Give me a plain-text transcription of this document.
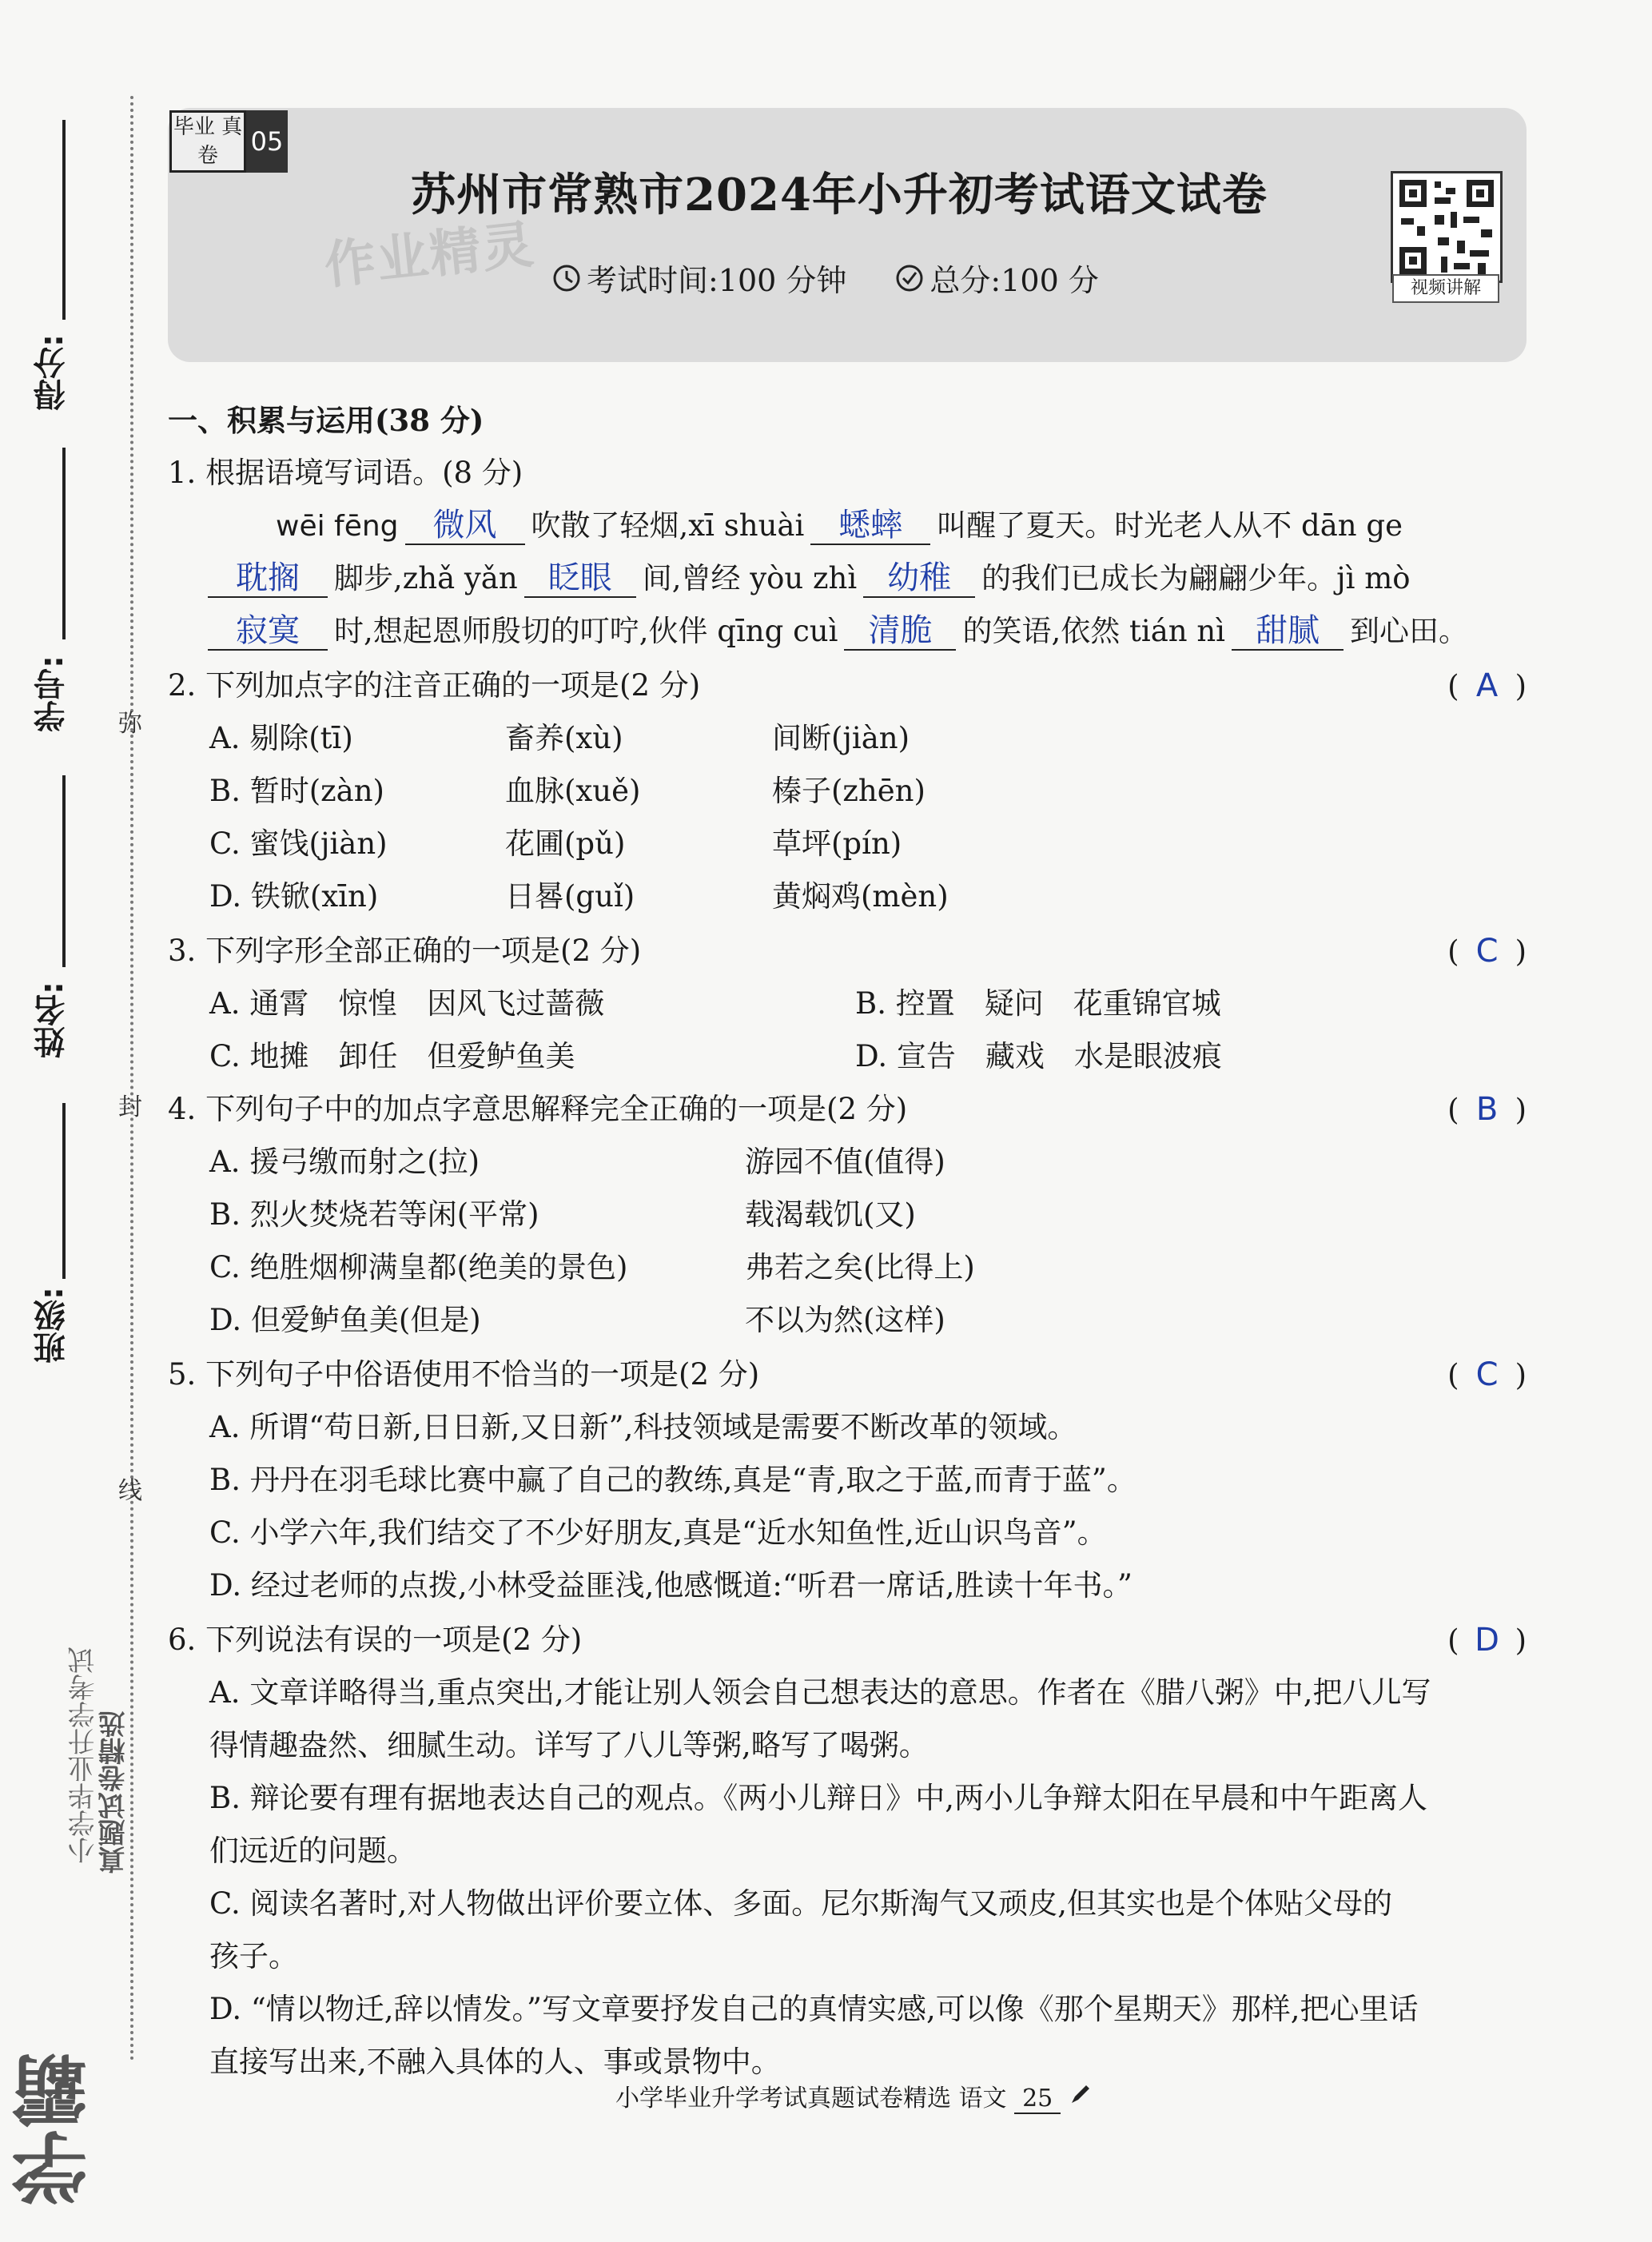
得分:
学号:
姓名:
班级:
弥
封
线
学霸
小学毕业升学考试
真题试卷精选
毕业 真卷	05
作业精灵
苏州市常熟市2024年小升初考试语文试卷
考试时间:100 分钟	总分:100 分	视频讲解
一、积累与运用(38 分)
1. 根据语境写词语。(8 分)
wēi fēng 微风 吹散了轻烟,xī shuài 蟋蟀 叫醒了夏天。时光老人从不 dān ge
耽搁 脚步,zhǎ yǎn 眨眼 间,曾经 yòu zhì 幼稚 的我们已成长为翩翩少年。jì mò
寂寞 时,想起恩师殷切的叮咛,伙伴 qīng cuì 清脆 的笑语,依然 tián nì 甜腻 到心田。
2. 下列加点字的注音正确的一项是(2 分)	( A )
A. 剔除(tī)	畜养(xù)	间断(jiàn)
B. 暂时(zàn)	血脉(xuě)	榛子(zhēn)
C. 蜜饯(jiàn)	花圃(pǔ)	草坪(pín)
D. 铁锨(xīn)	日晷(guǐ)	黄焖鸡(mèn)
3. 下列字形全部正确的一项是(2 分)	( C )
A. 通霄　惊惶　因风飞过蔷薇	B. 控置　疑问　花重锦官城
C. 地摊　卸任　但爱鲈鱼美	D. 宣告　藏戏　水是眼波痕
4. 下列句子中的加点字意思解释完全正确的一项是(2 分)	( B )
A. 援弓缴而射之(拉)	游园不值(值得)
B. 烈火焚烧若等闲(平常)	载渴载饥(又)
C. 绝胜烟柳满皇都(绝美的景色)	弗若之矣(比得上)
D. 但爱鲈鱼美(但是)	不以为然(这样)
5. 下列句子中俗语使用不恰当的一项是(2 分)	( C )
A. 所谓“苟日新,日日新,又日新”,科技领域是需要不断改革的领域。
B. 丹丹在羽毛球比赛中赢了自己的教练,真是“青,取之于蓝,而青于蓝”。
C. 小学六年,我们结交了不少好朋友,真是“近水知鱼性,近山识鸟音”。
D. 经过老师的点拨,小林受益匪浅,他感慨道:“听君一席话,胜读十年书。”
6. 下列说法有误的一项是(2 分)	( D )
A. 文章详略得当,重点突出,才能让别人领会自己想表达的意思。作者在《腊八粥》中,把八儿写
得情趣盎然、细腻生动。详写了八儿等粥,略写了喝粥。
B. 辩论要有理有据地表达自己的观点。《两小儿辩日》中,两小儿争辩太阳在早晨和中午距离人
们远近的问题。
C. 阅读名著时,对人物做出评价要立体、多面。尼尔斯淘气又顽皮,但其实也是个体贴父母的
孩子。
D. “情以物迁,辞以情发。”写文章要抒发自己的真情实感,可以像《那个星期天》那样,把心里话
直接写出来,不融入具体的人、事或景物中。
小学毕业升学考试真题试卷精选 语文 25
